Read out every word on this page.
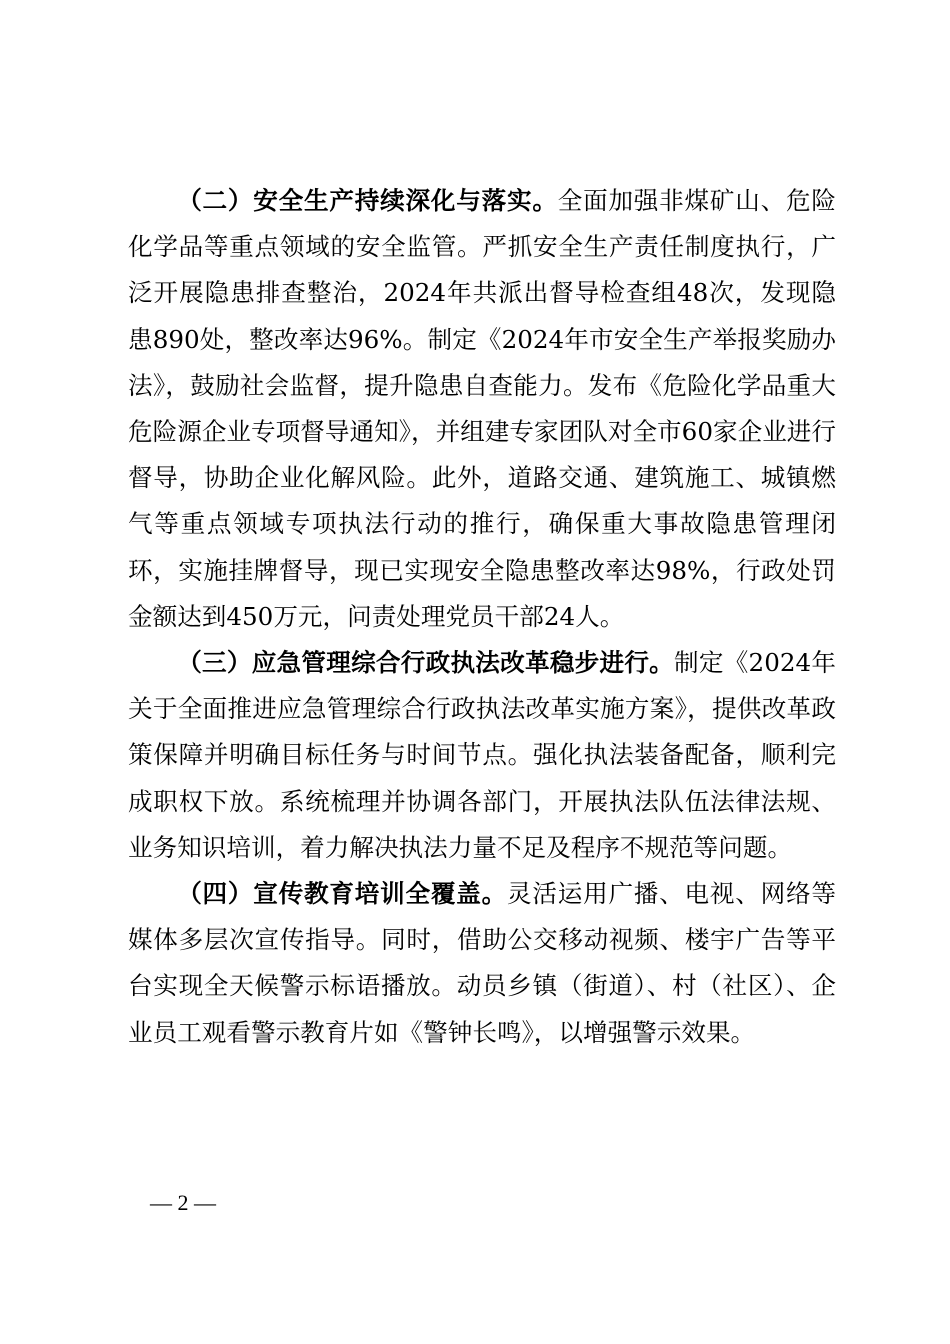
（二）安全生产持续深化与落实。全面加强非煤矿山、危险化学品等重点领域的安全监管。严抓安全生产责任制度执行，广泛开展隐患排查整治，2024年共派出督导检查组48次，发现隐患890处，整改率达96%。制定《2024年市安全生产举报奖励办法》，鼓励社会监督，提升隐患自查能力。发布《危险化学品重大危险源企业专项督导通知》，并组建专家团队对全市60家企业进行督导，协助企业化解风险。此外，道路交通、建筑施工、城镇燃气等重点领域专项执法行动的推行，确保重大事故隐患管理闭环，实施挂牌督导，现已实现安全隐患整改率达98%，行政处罚金额达到450万元，问责处理党员干部24人。

（三）应急管理综合行政执法改革稳步进行。制定《2024年关于全面推进应急管理综合行政执法改革实施方案》，提供改革政策保障并明确目标任务与时间节点。强化执法装备配备，顺利完成职权下放。系统梳理并协调各部门，开展执法队伍法律法规、业务知识培训，着力解决执法力量不足及程序不规范等问题。

（四）宣传教育培训全覆盖。灵活运用广播、电视、网络等媒体多层次宣传指导。同时，借助公交移动视频、楼宇广告等平台实现全天候警示标语播放。动员乡镇（街道）、村（社区）、企业员工观看警示教育片如《警钟长鸣》，以增强警示效果。

— 2 —
